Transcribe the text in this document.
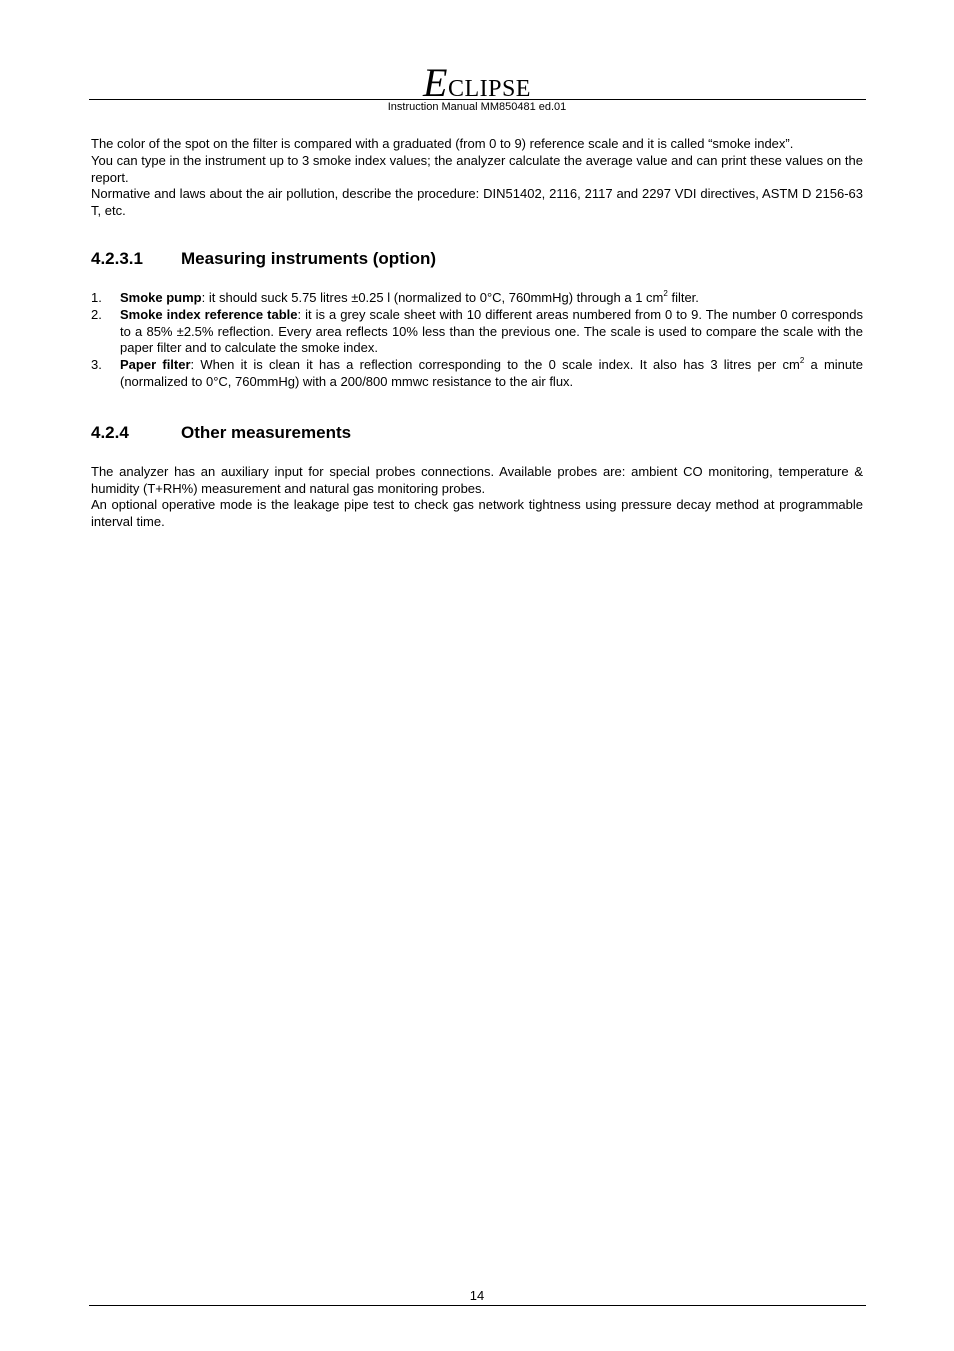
Eclipse
Instruction Manual MM850481 ed.01

The color of the spot on the filter is compared with a graduated (from 0 to 9) reference scale and it is called “smoke index”.

You can type in the instrument up to 3 smoke index values; the analyzer calculate the average value and can print these values on the report.

Normative and laws about the air pollution, describe the procedure: DIN51402, 2116, 2117 and 2297 VDI directives, ASTM D 2156-63 T, etc.

4.2.3.1 Measuring instruments (option)
1. Smoke pump: it should suck 5.75 litres ±0.25 l (normalized to 0°C, 760mmHg) through a 1 $cm^2$ filter.
2. Smoke index reference table: it is a grey scale sheet with 10 different areas numbered from 0 to 9. The number 0 corresponds to a 85% ±2.5% reflection. Every area reflects 10% less than the previous one. The scale is used to compare the scale with the paper filter and to calculate the smoke index.
3. Paper filter: When it is clean it has a reflection corresponding to the 0 scale index. It also has 3 litres per $cm^2$ a minute (normalized to 0°C, 760mmHg) with a 200/800 mmwc resistance to the air flux.
4.2.4	Other measurements

The analyzer has an auxiliary input for special probes connections. Available probes are: ambient CO monitoring, temperature & humidity (T+RH%) measurement and natural gas monitoring probes.

An optional operative mode is the leakage pipe test to check gas network tightness using pressure decay method at programmable interval time.

14
